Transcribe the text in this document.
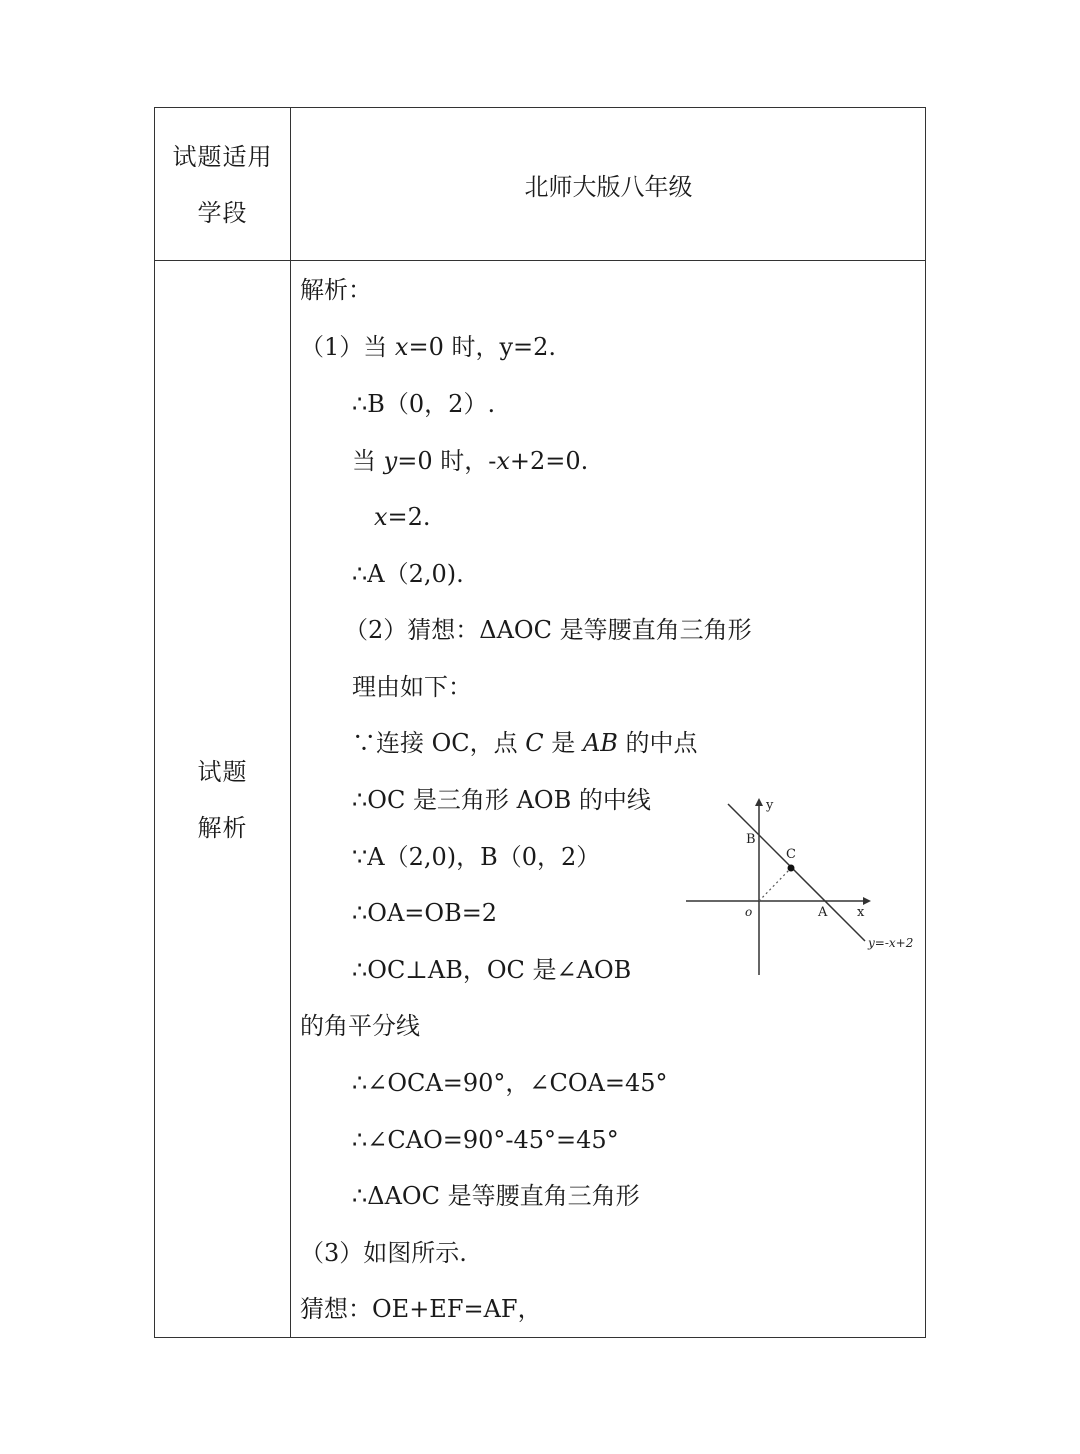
试题适用
学段
北师大版八年级
试题
解析
解析：
（1）当 x=0 时，y=2.
∴B（0，2）.
当 y=0 时，-x+2=0.
x=2.
∴A（2,0).
（2）猜想：ΔAOC 是等腰直角三角形
理由如下：
∵连接 OC，点 C 是 AB 的中点
∴OC 是三角形 AOB 的中线
∵A（2,0)，B（0，2）
∴OA=OB=2
∴OC⊥AB，OC 是∠AOB
的角平分线
∴∠OCA=90°，∠COA=45°
∴∠CAO=90°-45°=45°
∴ΔAOC 是等腰直角三角形
（3）如图所示.
猜想：OE+EF=AF，
y
x
o	A
B
C
y=-x+2
